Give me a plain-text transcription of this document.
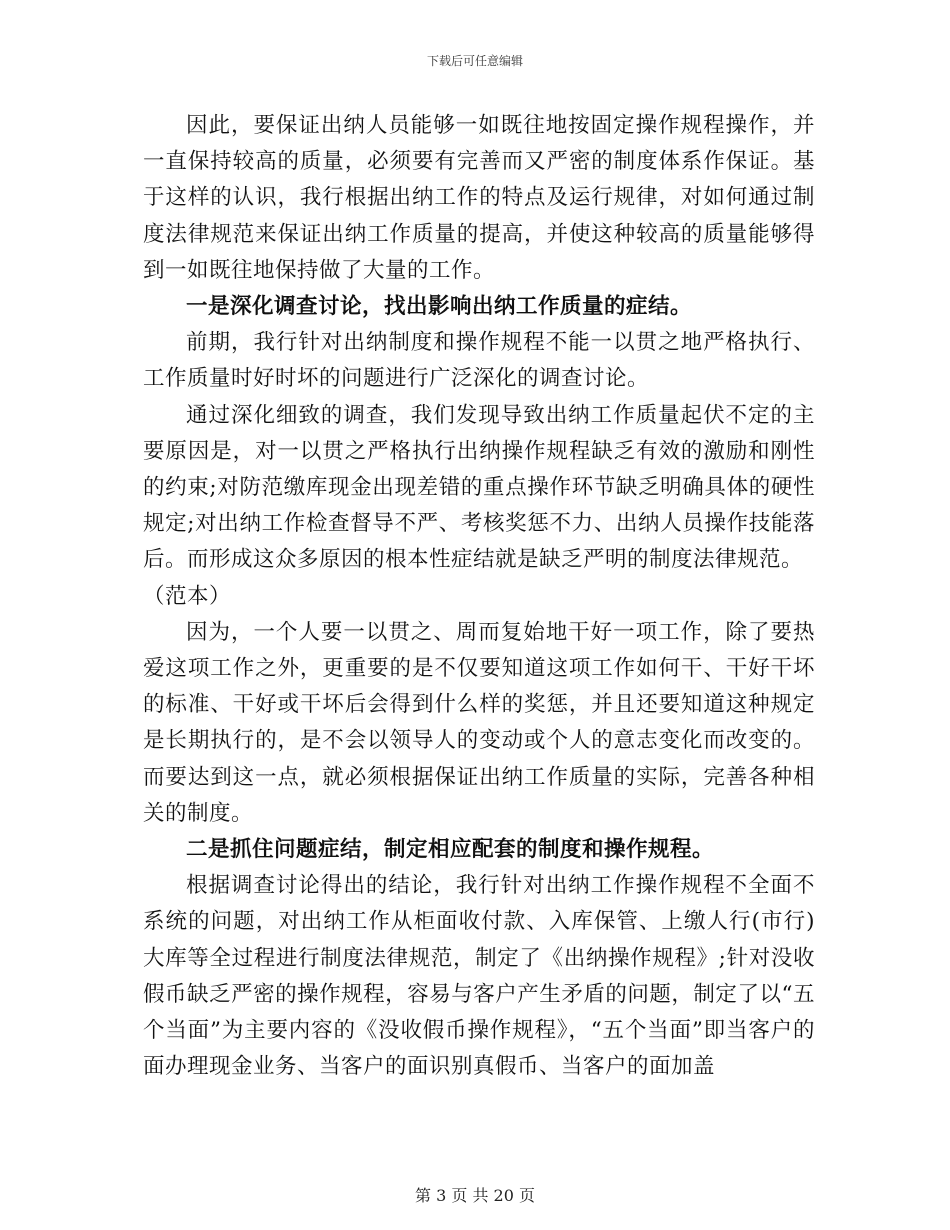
下载后可任意编辑

因此，要保证出纳人员能够一如既往地按固定操作规程操作，并一直保持较高的质量，必须要有完善而又严密的制度体系作保证。基于这样的认识，我行根据出纳工作的特点及运行规律，对如何通过制度法律规范来保证出纳工作质量的提高，并使这种较高的质量能够得到一如既往地保持做了大量的工作。

一是深化调查讨论，找出影响出纳工作质量的症结。

前期，我行针对出纳制度和操作规程不能一以贯之地严格执行、工作质量时好时坏的问题进行广泛深化的调查讨论。

通过深化细致的调查，我们发现导致出纳工作质量起伏不定的主要原因是，对一以贯之严格执行出纳操作规程缺乏有效的激励和刚性的约束;对防范缴库现金出现差错的重点操作环节缺乏明确具体的硬性规定;对出纳工作检查督导不严、考核奖惩不力、出纳人员操作技能落后。而形成这众多原因的根本性症结就是缺乏严明的制度法律规范。

（范本）

因为，一个人要一以贯之、周而复始地干好一项工作，除了要热爱这项工作之外，更重要的是不仅要知道这项工作如何干、干好干坏的标准、干好或干坏后会得到什么样的奖惩，并且还要知道这种规定是长期执行的，是不会以领导人的变动或个人的意志变化而改变的。而要达到这一点，就必须根据保证出纳工作质量的实际，完善各种相关的制度。

二是抓住问题症结，制定相应配套的制度和操作规程。

根据调查讨论得出的结论，我行针对出纳工作操作规程不全面不系统的问题，对出纳工作从柜面收付款、入库保管、上缴人行(市行)大库等全过程进行制度法律规范，制定了《出纳操作规程》;针对没收假币缺乏严密的操作规程，容易与客户产生矛盾的问题，制定了以“五个当面”为主要内容的《没收假币操作规程》，“五个当面”即当客户的面办理现金业务、当客户的面识别真假币、当客户的面加盖

第 3 页 共 20 页
